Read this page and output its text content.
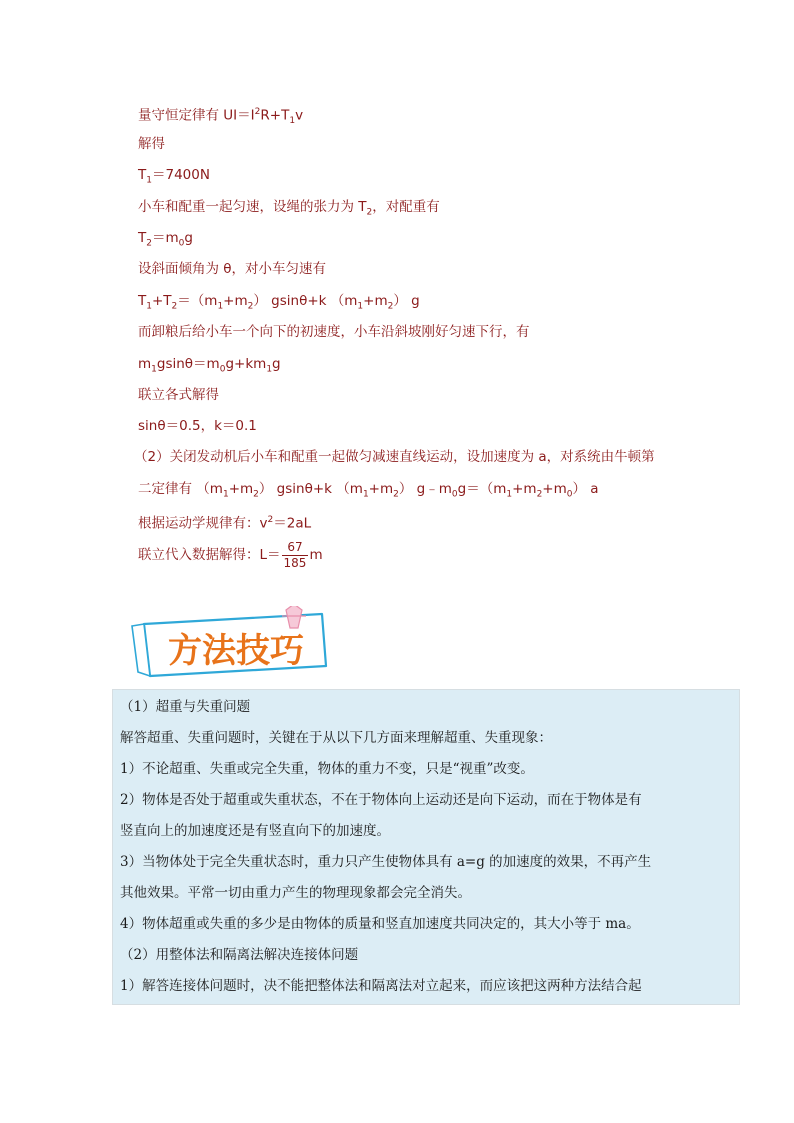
量守恒定律有 $UI=I^2R+T_1v$
解得
$T_1=7400N$
小车和配重一起匀速，设绳的张力为 $T_2$，对配重有
$T_2=m_0g$
设斜面倾角为 θ，对小车匀速有
$T_1+T_2=(m_1+m_2)$ gsinθ+k $(m_1+m_2)$ g
而卸粮后给小车一个向下的初速度，小车沿斜坡刚好匀速下行，有
$m_1gsin\theta=m_0g+km_1g$
联立各式解得
sinθ＝0.5，k＝0.1
（2）关闭发动机后小车和配重一起做匀减速直线运动，设加速度为 a，对系统由牛顿第
二定律有 $(m_1+m_2)$ gsinθ+k $(m_1+m_2)$ $g﹣m_0g=(m_1+m_2+m_0)$ a
根据运动学规律有：$v^2=2aL$
联立代入数据解得：$L= \frac{67}{185}$ m
方法技巧
（1）超重与失重问题
解答超重、失重问题时，关键在于从以下几方面来理解超重、失重现象：
1）不论超重、失重或完全失重，物体的重力不变，只是“视重”改变。
2）物体是否处于超重或失重状态，不在于物体向上运动还是向下运动，而在于物体是有
竖直向上的加速度还是有竖直向下的加速度。
3）当物体处于完全失重状态时，重力只产生使物体具有 a=g 的加速度的效果，不再产生
其他效果。平常一切由重力产生的物理现象都会完全消失。
4）物体超重或失重的多少是由物体的质量和竖直加速度共同决定的，其大小等于 ma。
（2）用整体法和隔离法解决连接体问题
1）解答连接体问题时，决不能把整体法和隔离法对立起来，而应该把这两种方法结合起
